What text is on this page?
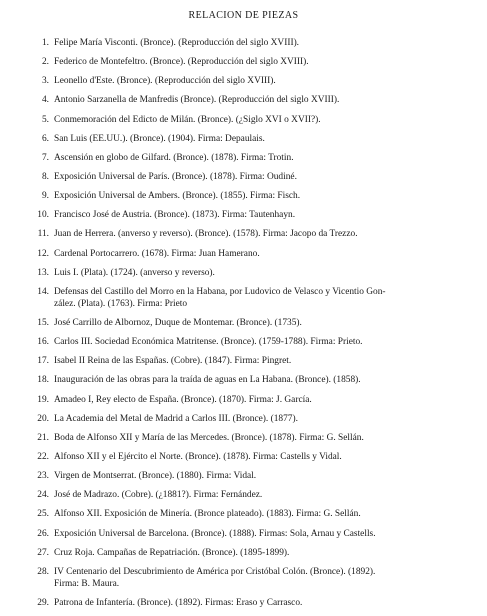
RELACION DE PIEZAS
1. Felipe María Visconti. (Bronce). (Reproducción del siglo XVIII).
2. Federico de Montefeltro. (Bronce). (Reproducción del siglo XVIII).
3. Leonello d'Este. (Bronce). (Reproducción del siglo XVIII).
4. Antonio Sarzanella de Manfredis (Bronce). (Reproducción del siglo XVIII).
5. Conmemoración del Edicto de Milán. (Bronce). (¿Siglo XVI o XVII?).
6. San Luis (EE.UU.). (Bronce). (1904). Firma: Depaulais.
7. Ascensión en globo de Gilfard. (Bronce). (1878). Firma: Trotin.
8. Exposición Universal de París. (Bronce). (1878). Firma: Oudiné.
9. Exposición Universal de Ambers. (Bronce). (1855). Firma: Fisch.
10. Francisco José de Austria. (Bronce). (1873). Firma: Tautenhayn.
11. Juan de Herrera. (anverso y reverso). (Bronce). (1578). Firma: Jacopo da Trezzo.
12. Cardenal Portocarrero. (1678). Firma: Juan Hamerano.
13. Luis I. (Plata). (1724). (anverso y reverso).
14. Defensas del Castillo del Morro en la Habana, por Ludovico de Velasco y Vicentio Gon-
zález. (Plata). (1763). Firma: Prieto
15. José Carrillo de Albornoz, Duque de Montemar. (Bronce). (1735).
16. Carlos III. Sociedad Económica Matritense. (Bronce). (1759-1788). Firma: Prieto.
17. Isabel II Reina de las Españas. (Cobre). (1847). Firma: Pingret.
18. Inauguración de las obras para la traída de aguas en La Habana. (Bronce). (1858).
19. Amadeo I, Rey electo de España. (Bronce). (1870). Firma: J. García.
20. La Academia del Metal de Madrid a Carlos III. (Bronce). (1877).
21. Boda de Alfonso XII y María de las Mercedes. (Bronce). (1878). Firma: G. Sellán.
22. Alfonso XII y el Ejército el Norte. (Bronce). (1878). Firma: Castells y Vidal.
23. Virgen de Montserrat. (Bronce). (1880). Firma: Vidal.
24. José de Madrazo. (Cobre). (¿1881?). Firma: Fernández.
25. Alfonso XII. Exposición de Minería. (Bronce plateado). (1883). Firma: G. Sellán.
26. Exposición Universal de Barcelona. (Bronce). (1888). Firmas: Sola, Arnau y Castells.
27. Cruz Roja. Campañas de Repatriación. (Bronce). (1895-1899).
28. IV Centenario del Descubrimiento de América por Cristóbal Colón. (Bronce). (1892).
Firma: B. Maura.
29. Patrona de Infantería. (Bronce). (1892). Firmas: Eraso y Carrasco.
